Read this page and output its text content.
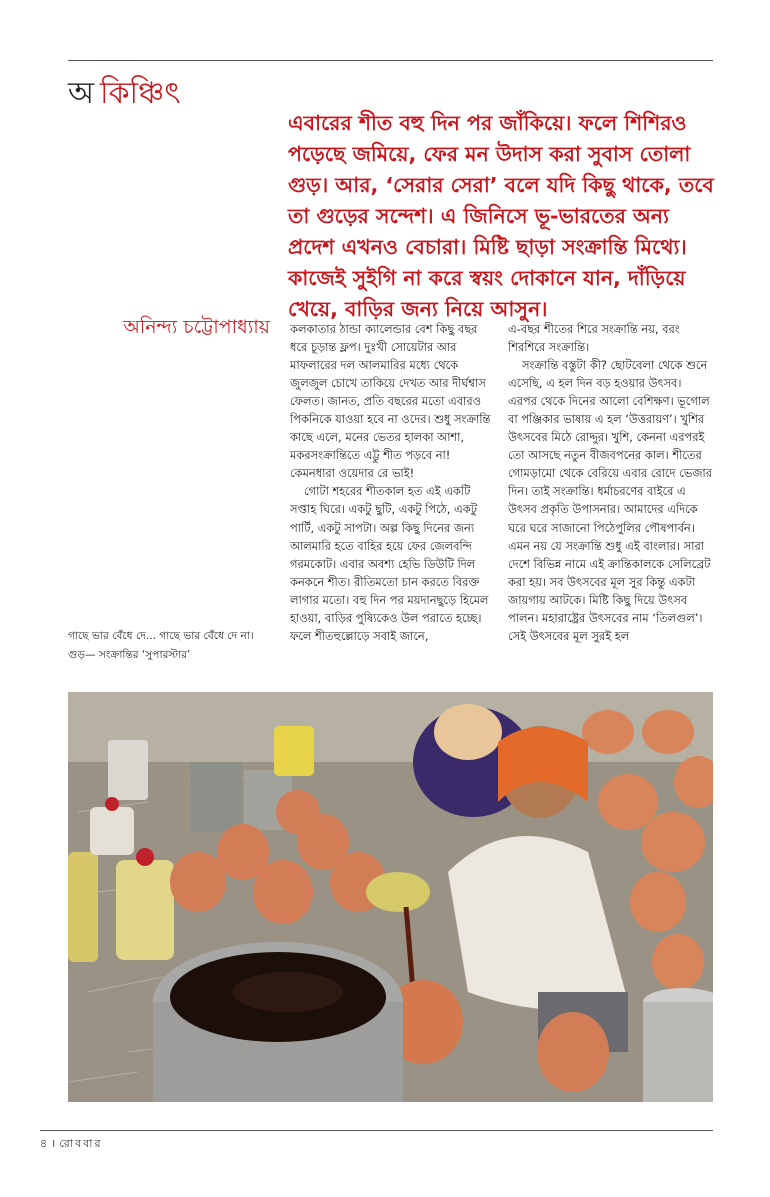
অ কিঞ্চিৎ

এবারের শীত বহু দিন পর জাঁকিয়ে। ফলে শিশিরও পড়েছে জমিয়ে, ফের মন উদাস করা সুবাস তোলা গুড়। আর, ‘সেরার সেরা’ বলে যদি কিছু থাকে, তবে তা গুড়ের সন্দেশ। এ জিনিসে ভূ-ভারতের অন্য প্রদেশ এখনও বেচারা। মিষ্টি ছাড়া সংক্রান্তি মিথ্যে। কাজেই সুইগি না করে স্বয়ং দোকানে যান, দাঁড়িয়ে খেয়ে, বাড়ির জন্য নিয়ে আসুন।

অনিন্দ্য চট্টোপাধ্যায় কলকাতার ঠান্ডা ক্যালেন্ডার বেশ কিছু বছর ধরে চূড়ান্ত ফ্লপ। দুঃখী সোয়েটার আর মাফলারের দল আলমারির মধ্যে থেকে জুলজুল চোখে তাকিয়ে দেখত আর দীর্ঘশ্বাস ফেলত। জানত, প্রতি বছরের মতো এবারও পিকনিকে যাওয়া হবে না ওদের। শুধু সংক্রান্তি কাছে এলে, মনের ভেতর হালকা আশা, মকরসংক্রান্তিতে এট্টু শীত পড়বে না! কেমনধারা ওয়েদার রে ভাই!

গোটা শহরের শীতকাল হত এই একটি সপ্তাহ ঘিরে। একটু ছুটি, একটু পিঠে, একটু পার্টি, একটু সাপটা। অল্প কিছু দিনের জন্য আলমারি হতে বাহির হয়ে ফের জেলবন্দি গরমকোট। এবার অবশ্য হেভি ডিউটি দিল কনকনে শীত। রীতিমতো চান করতে বিরক্ত লাগার মতো। বহু দিন পর ময়দানছুড়ে হিমেল হাওয়া, বাড়ির পুষ্যিকেও উল পরাতে হচ্ছে। ফলে শীতহুল্লোড়ে সবাই জানে,

এ-বছর শীতের শিরে সংক্রান্তি নয়, বরং শিরশিরে সংক্রান্তি।

সংক্রান্তি বস্তুটা কী? ছোটবেলা থেকে শুনে এসেছি, এ হল দিন বড় হওয়ার উৎসব। এরপর থেকে দিনের আলো বেশিক্ষণ। ভূগোল বা পঞ্জিকার ভাষায় এ হল ‘উত্তরায়ণ’। খুশির উৎসবের মিঠে রোদ্দুর। খুশি, কেননা এরপরই তো আসছে নতুন বীজবপনের কাল। শীতের গোমড়ামো থেকে বেরিয়ে এবার রোদে ভেজার দিন। তাই সংক্রান্তি। ধর্মাচরণের বাইরে এ উৎসব প্রকৃতি উপাসনার। আমাদের এদিকে ঘরে ঘরে সাজানো পিঠেপুলির পৌষপার্বন। এমন নয় যে সংক্রান্তি শুধু এই বাংলার। সারা দেশে বিভিন্ন নামে এই ক্রান্তিকালকে সেলিব্রেট করা হয়। সব উৎসবের মূল সুর কিন্তু একটা জায়গায় আটকে। মিষ্টি কিছু দিয়ে উৎসব পালন। মহারাষ্ট্রের উৎসবের নাম ‘তিলগুল’। সেই উৎসবের মূল সুরই হল

গাছে ভার বেঁধে দে... গাছে ভার বেঁধে দে না।

গুড়— সংক্রান্তির ‘সুপারস্টার’

৪ । রোববার
